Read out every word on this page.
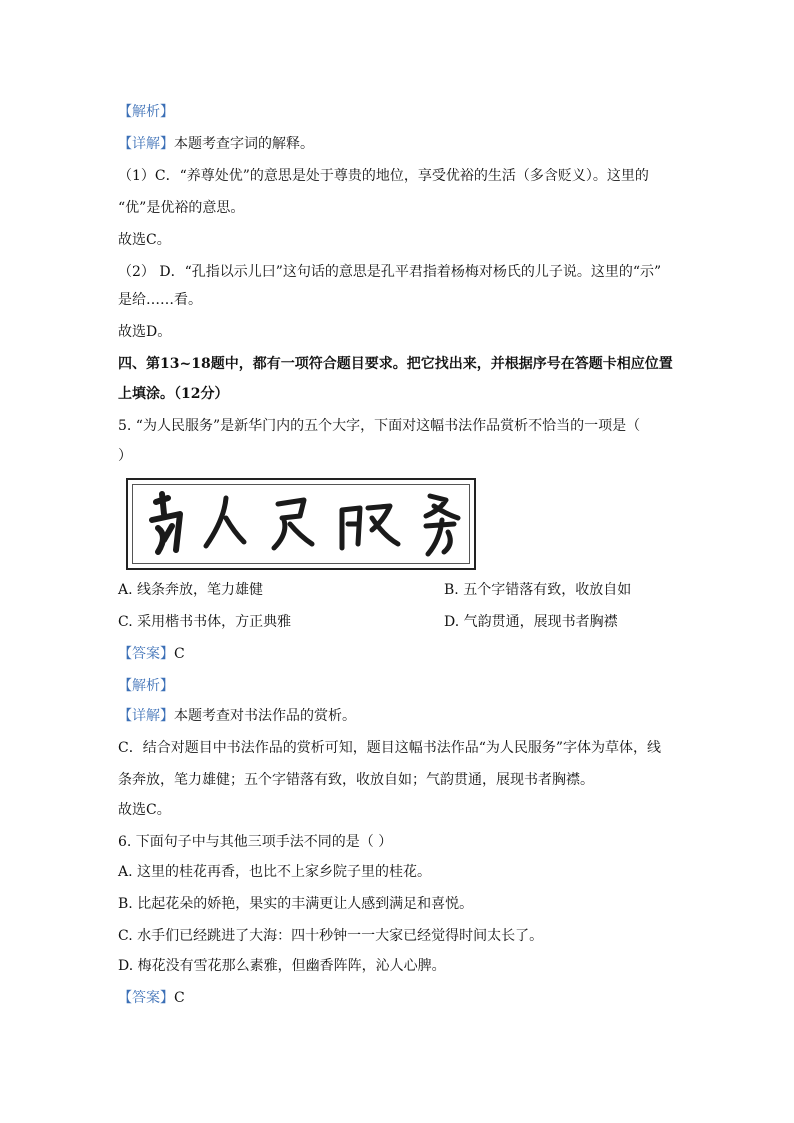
【解析】
【详解】本题考查字词的解释。
（1）C．“养尊处优”的意思是处于尊贵的地位，享受优裕的生活（多含贬义）。这里的
“优”是优裕的意思。
故选C。
（2） D．“孔指以示儿曰”这句话的意思是孔平君指着杨梅对杨氏的儿子说。这里的“示”
是给……看。
故选D。
四、第13~18题中，都有一项符合题目要求。把它找出来，并根据序号在答题卡相应位置
上填涂。（12分）
5. “为人民服务”是新华门内的五个大字，下面对这幅书法作品赏析不恰当的一项是（
）
A. 线条奔放，笔力雄健	B. 五个字错落有致，收放自如
C. 采用楷书书体，方正典雅	D. 气韵贯通，展现书者胸襟
【答案】C
【解析】
【详解】本题考查对书法作品的赏析。
C．结合对题目中书法作品的赏析可知，题目这幅书法作品“为人民服务”字体为草体，线
条奔放，笔力雄健；五个字错落有致，收放自如；气韵贯通，展现书者胸襟。
故选C。
6. 下面句子中与其他三项手法不同的是（ ）
A. 这里的桂花再香，也比不上家乡院子里的桂花。
B. 比起花朵的娇艳，果实的丰满更让人感到满足和喜悦。
C. 水手们已经跳进了大海：四十秒钟一一大家已经觉得时间太长了。
D. 梅花没有雪花那么素雅，但幽香阵阵，沁人心脾。
【答案】C
